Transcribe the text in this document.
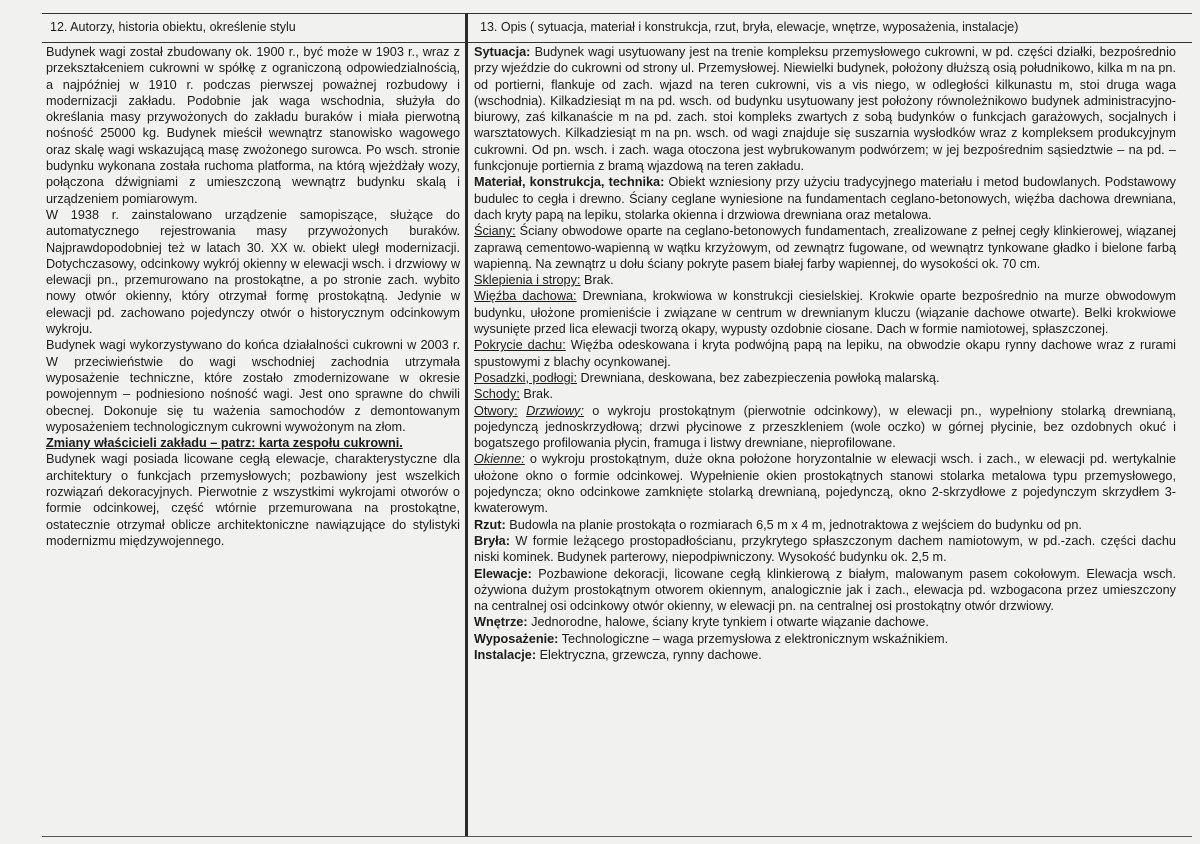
12. Autorzy, historia obiektu, określenie stylu	13. Opis ( sytuacja, materiał i konstrukcja, rzut, bryła, elewacje, wnętrze, wyposażenia, instalacje)

Budynek wagi został zbudowany ok. 1900 r., być może w 1903 r., wraz z przekształceniem cukrowni w spółkę z ograniczoną odpowiedzialnością, a najpóźniej w 1910 r. podczas pierwszej poważnej rozbudowy i modernizacji zakładu. Podobnie jak waga wschodnia, służyła do określania masy przywożonych do zakładu buraków i miała pierwotną nośność 25000 kg. Budynek mieścił wewnątrz stanowisko wagowego oraz skalę wagi wskazującą masę zwożonego surowca. Po wsch. stronie budynku wykonana została ruchoma platforma, na którą wjeżdżały wozy, połączona dźwigniami z umieszczoną wewnątrz budynku skalą i urządzeniem pomiarowym.

W 1938 r. zainstalowano urządzenie samopiszące, służące do automatycznego rejestrowania masy przywożonych buraków. Najprawdopodobniej też w latach 30. XX w. obiekt uległ modernizacji. Dotychczasowy, odcinkowy wykrój okienny w elewacji wsch. i drzwiowy w elewacji pn., przemurowano na prostokątne, a po stronie zach. wybito nowy otwór okienny, który otrzymał formę prostokątną. Jedynie w elewacji pd. zachowano pojedynczy otwór o historycznym odcinkowym wykroju.

Budynek wagi wykorzystywano do końca działalności cukrowni w 2003 r. W przeciwieństwie do wagi wschodniej zachodnia utrzymała wyposażenie techniczne, które zostało zmodernizowane w okresie powojennym – podniesiono nośność wagi. Jest ono sprawne do chwili obecnej. Dokonuje się tu ważenia samochodów z demontowanym wyposażeniem technologicznym cukrowni wywożonym na złom.

Zmiany właścicieli zakładu – patrz: karta zespołu cukrowni.

Budynek wagi posiada licowane cegłą elewacje, charakterystyczne dla architektury o funkcjach przemysłowych; pozbawiony jest wszelkich rozwiązań dekoracyjnych. Pierwotnie z wszystkimi wykrojami otworów o formie odcinkowej, część wtórnie przemurowana na prostokątne, ostatecznie otrzymał oblicze architektoniczne nawiązujące do stylistyki modernizmu międzywojennego.

Sytuacja: Budynek wagi usytuowany jest na trenie kompleksu przemysłowego cukrowni, w pd. części działki, bezpośrednio przy wjeździe do cukrowni od strony ul. Przemysłowej. Niewielki budynek, położony dłuższą osią południkowo, kilka m na pn. od portierni, flankuje od zach. wjazd na teren cukrowni, vis a vis niego, w odległości kilkunastu m, stoi druga waga (wschodnia). Kilkadziesiąt m na pd. wsch. od budynku usytuowany jest położony równoleżnikowo budynek administracyjno-biurowy, zaś kilkanaście m na pd. zach. stoi kompleks zwartych z sobą budynków o funkcjach garażowych, socjalnych i warsztatowych. Kilkadziesiąt m na pn. wsch. od wagi znajduje się suszarnia wysłodków wraz z kompleksem produkcyjnym cukrowni. Od pn. wsch. i zach. waga otoczona jest wybrukowanym podwórzem; w jej bezpośrednim sąsiedztwie – na pd. – funkcjonuje portiernia z bramą wjazdową na teren zakładu.

Materiał, konstrukcja, technika: Obiekt wzniesiony przy użyciu tradycyjnego materiału i metod budowlanych. Podstawowy budulec to cegła i drewno. Ściany ceglane wyniesione na fundamentach ceglano-betonowych, więźba dachowa drewniana, dach kryty papą na lepiku, stolarka okienna i drzwiowa drewniana oraz metalowa.

Ściany: Ściany obwodowe oparte na ceglano-betonowych fundamentach, zrealizowane z pełnej cegły klinkierowej, wiązanej zaprawą cementowo-wapienną w wątku krzyżowym, od zewnątrz fugowane, od wewnątrz tynkowane gładko i bielone farbą wapienną. Na zewnątrz u dołu ściany pokryte pasem białej farby wapiennej, do wysokości ok. 70 cm.

Sklepienia i stropy: Brak.

Więźba dachowa: Drewniana, krokwiowa w konstrukcji ciesielskiej. Krokwie oparte bezpośrednio na murze obwodowym budynku, ułożone promieniście i związane w centrum w drewnianym kluczu (wiązanie dachowe otwarte). Belki krokwiowe wysunięte przed lica elewacji tworzą okapy, wypusty ozdobnie ciosane. Dach w formie namiotowej, spłaszczonej.

Pokrycie dachu: Więźba odeskowana i kryta podwójną papą na lepiku, na obwodzie okapu rynny dachowe wraz z rurami spustowymi z blachy ocynkowanej.

Posadzki, podłogi: Drewniana, deskowana, bez zabezpieczenia powłoką malarską.

Schody: Brak.

Otwory: Drzwiowy: o wykroju prostokątnym (pierwotnie odcinkowy), w elewacji pn., wypełniony stolarką drewnianą, pojedynczą jednoskrzydłową; drzwi płycinowe z przeszkleniem (wole oczko) w górnej płycinie, bez ozdobnych okuć i bogatszego profilowania płycin, framuga i listwy drewniane, nieprofilowane.

Okienne: o wykroju prostokątnym, duże okna położone horyzontalnie w elewacji wsch. i zach., w elewacji pd. wertykalnie ułożone okno o formie odcinkowej. Wypełnienie okien prostokątnych stanowi stolarka metalowa typu przemysłowego, pojedyncza; okno odcinkowe zamknięte stolarką drewnianą, pojedynczą, okno 2-skrzydłowe z pojedynczym skrzydłem 3-kwaterowym.

Rzut: Budowla na planie prostokąta o rozmiarach 6,5 m x 4 m, jednotraktowa z wejściem do budynku od pn.

Bryła: W formie leżącego prostopadłościanu, przykrytego spłaszczonym dachem namiotowym, w pd.-zach. części dachu niski kominek. Budynek parterowy, niepodpiwniczony. Wysokość budynku ok. 2,5 m.

Elewacje: Pozbawione dekoracji, licowane cegłą klinkierową z białym, malowanym pasem cokołowym. Elewacja wsch. ożywiona dużym prostokątnym otworem okiennym, analogicznie jak i zach., elewacja pd. wzbogacona przez umieszczony na centralnej osi odcinkowy otwór okienny, w elewacji pn. na centralnej osi prostokątny otwór drzwiowy.

Wnętrze: Jednorodne, halowe, ściany kryte tynkiem i otwarte wiązanie dachowe.

Wyposażenie: Technologiczne – waga przemysłowa z elektronicznym wskaźnikiem.

Instalacje: Elektryczna, grzewcza, rynny dachowe.
